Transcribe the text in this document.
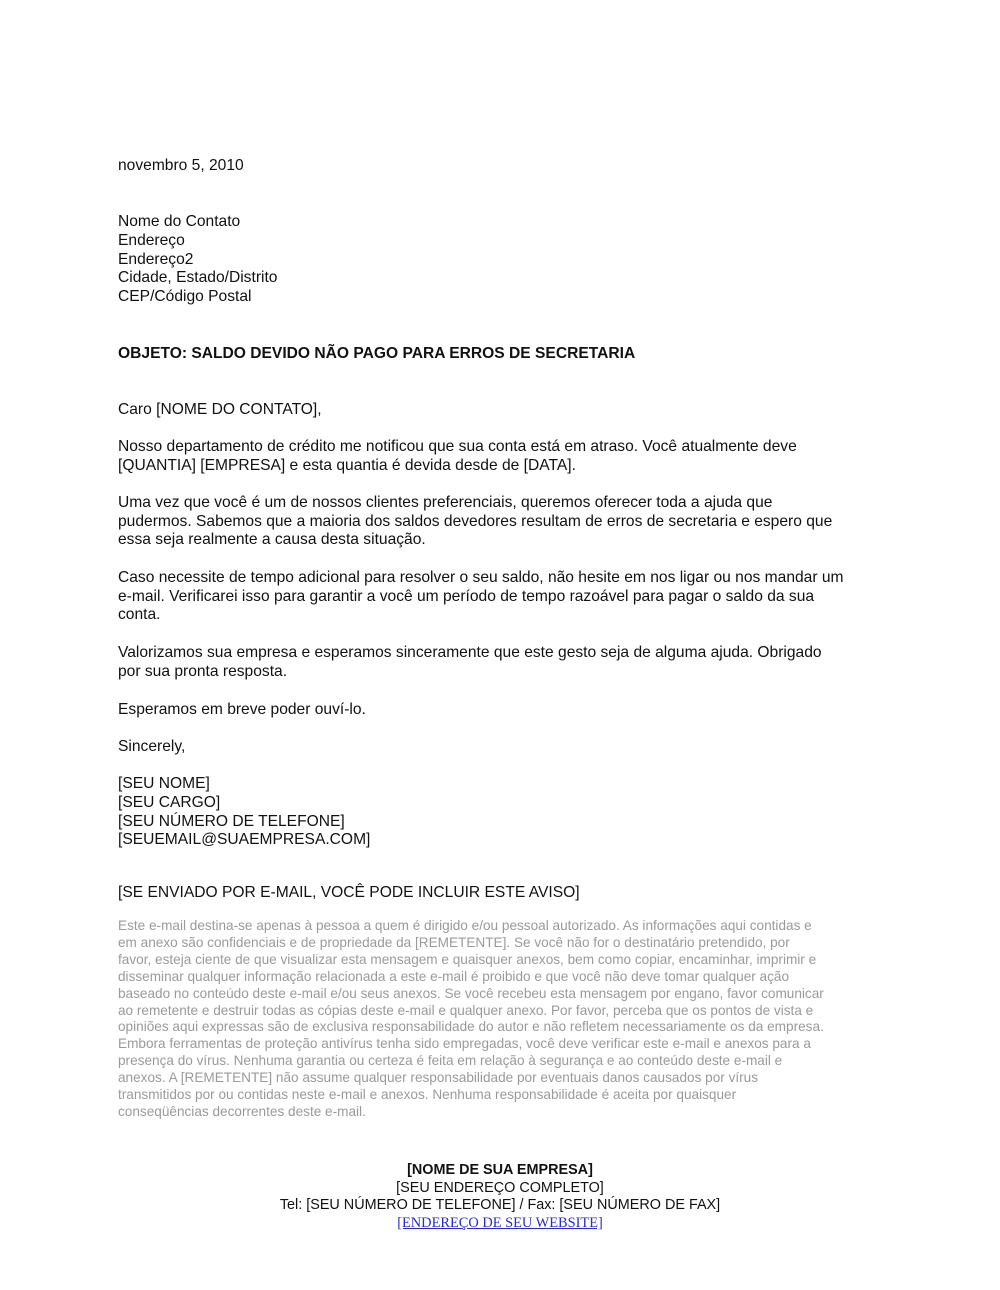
novembro 5, 2010

Nome do Contato

Endereço

Endereço2

Cidade, Estado/Distrito

CEP/Código Postal

OBJETO: SALDO DEVIDO NÃO PAGO PARA ERROS DE SECRETARIA

Caro [NOME DO CONTATO],

Nosso departamento de crédito me notificou que sua conta está em atraso. Você atualmente deve
[QUANTIA] [EMPRESA] e esta quantia é devida desde de [DATA].
Uma vez que você é um de nossos clientes preferenciais, queremos oferecer toda a ajuda que
pudermos. Sabemos que a maioria dos saldos devedores resultam de erros de secretaria e espero que
essa seja realmente a causa desta situação.
Caso necessite de tempo adicional para resolver o seu saldo, não hesite em nos ligar ou nos mandar um
e-mail. Verificarei isso para garantir a você um período de tempo razoável para pagar o saldo da sua
conta.
Valorizamos sua empresa e esperamos sinceramente que este gesto seja de alguma ajuda. Obrigado
por sua pronta resposta.
Esperamos em breve poder ouví-lo.

Sincerely,

[SEU NOME]

[SEU CARGO]

[SEU NÚMERO DE TELEFONE]

[SEUEMAIL@SUAEMPRESA.COM]

[SE ENVIADO POR E-MAIL, VOCÊ PODE INCLUIR ESTE AVISO]

Este e-mail destina-se apenas à pessoa a quem é dirigido e/ou pessoal autorizado. As informações aqui contidas e
em anexo são confidenciais e de propriedade da [REMETENTE]. Se você não for o destinatário pretendido, por
favor, esteja ciente de que visualizar esta mensagem e quaisquer anexos, bem como copiar, encaminhar, imprimir e
disseminar qualquer informação relacionada a este e-mail é proibido e que você não deve tomar qualquer ação
baseado no conteúdo deste e-mail e/ou seus anexos. Se você recebeu esta mensagem por engano, favor comunicar
ao remetente e destruir todas as cópias deste e-mail e qualquer anexo. Por favor, perceba que os pontos de vista e
opiniões aqui expressas são de exclusiva responsabilidade do autor e não refletem necessariamente os da empresa.
Embora ferramentas de proteção antivírus tenha sido empregadas, você deve verificar este e-mail e anexos para a
presença do vírus. Nenhuma garantia ou certeza é feita em relação à segurança e ao conteúdo deste e-mail e
anexos. A [REMETENTE] não assume qualquer responsabilidade por eventuais danos causados por vírus
transmitidos por ou contidas neste e-mail e anexos. Nenhuma responsabilidade é aceita por quaisquer
conseqüências decorrentes deste e-mail.
[NOME DE SUA EMPRESA]
[SEU ENDEREÇO COMPLETO]
Tel: [SEU NÚMERO DE TELEFONE] / Fax: [SEU NÚMERO DE FAX]
[ENDEREÇO DE SEU WEBSITE]
